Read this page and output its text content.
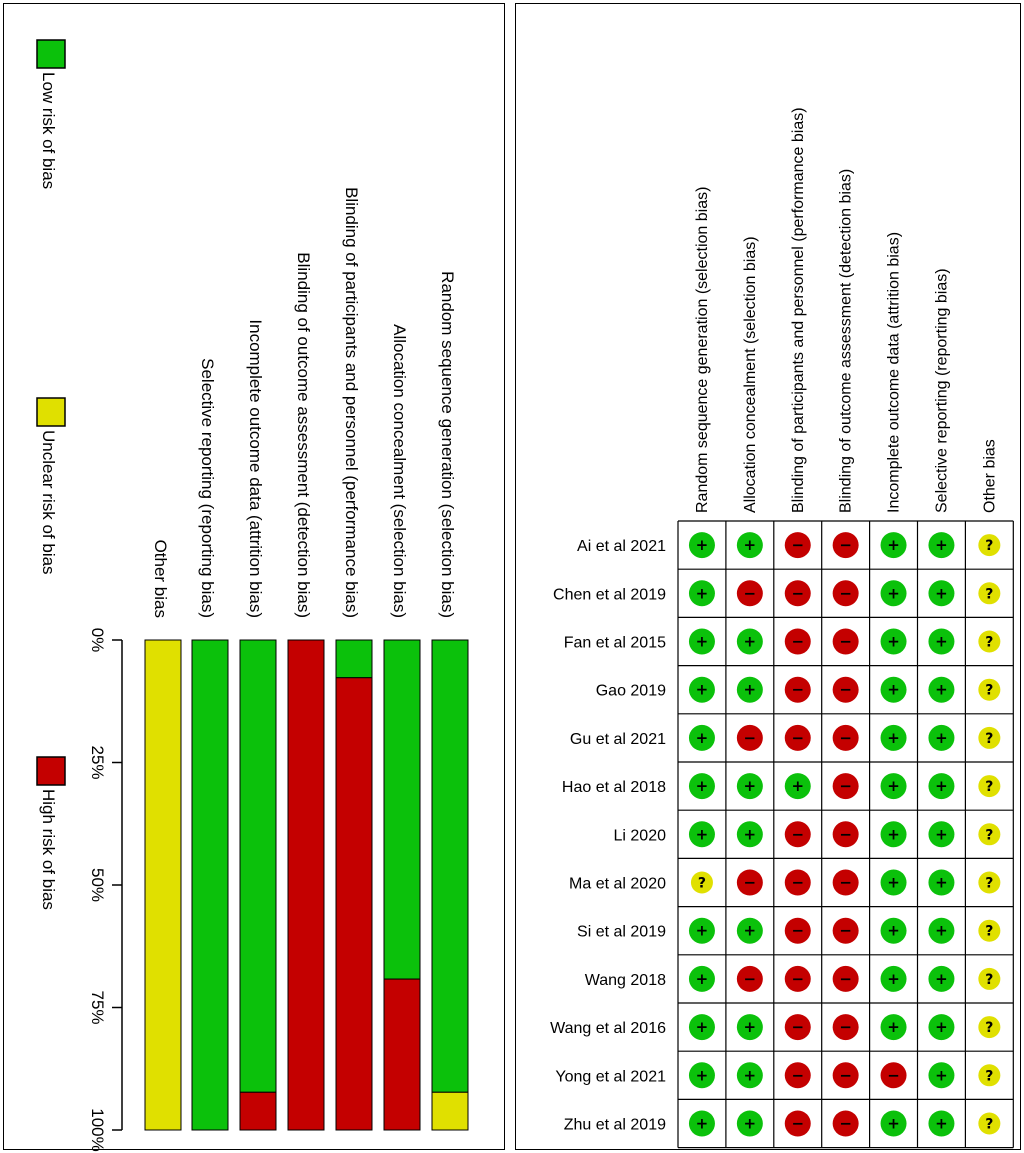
Low risk of bias
Unclear risk of bias
High risk of bias
Random sequence generation (selection bias)
Allocation concealment (selection bias)
Blinding of participants and personnel (performance bias)
Blinding of outcome assessment (detection bias)
Incomplete outcome data (attrition bias)
Selective reporting (reporting bias)
Other bias
0%
25%
50%
75%
100%
Random sequence generation (selection bias) Allocation concealment (selection bias) Blinding of participants and personnel (performance bias) Blinding of outcome assessment (detection bias) Incomplete outcome data (attrition bias) Selective reporting (reporting bias) Other bias
Ai et al 2021 + + − − + +	?
Chen et al 2019 + − − − + +	?
Fan et al 2015 + + − − + +	?
Gao 2019 + + − − + +	?
Gu et al 2021 + − − − + +	?
Hao et al 2018 + + + − + +	?
Li 2020 + + − − + +	?
Ma et al 2020 ?	− − − + +	?
Si et al 2019 + + − − + +	?
Wang 2018 + − − − + +	?
Wang et al 2016 + + − − + +	?
Yong et al 2021 + + − − − +	?
Zhu et al 2019 + + − − + +	?
